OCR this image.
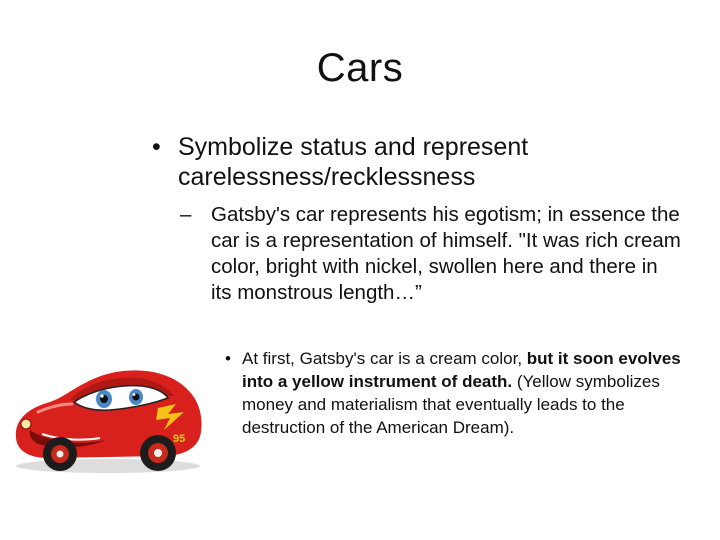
Cars
• Symbolize status and represent carelessness/recklessness
– Gatsby's car represents his egotism; in essence the car is a representation of himself. "It was rich cream color, bright with nickel, swollen here and there in its monstrous length…”
• At first, Gatsby's car is a cream color, but it soon evolves into a yellow instrument of death. (Yellow symbolizes money and materialism that eventually leads to the destruction of the American Dream).
95
